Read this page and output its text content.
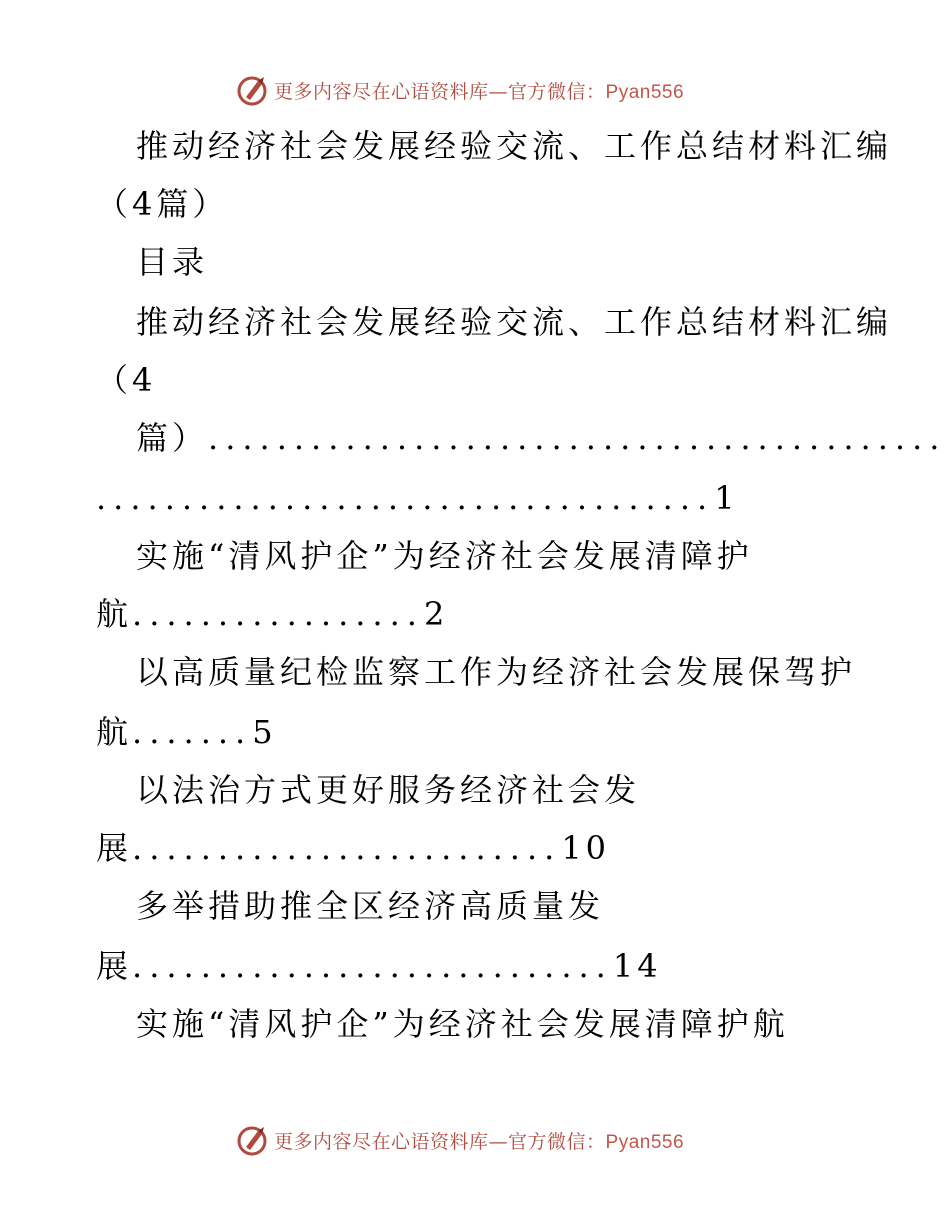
更多内容尽在心语资料库—官方微信：Pyan556
推动经济社会发展经验交流、工作总结材料汇编
（4篇）
目录
推动经济社会发展经验交流、工作总结材料汇编
（4
篇）...........................................
....................................1
实施“清风护企”为经济社会发展清障护
航.................2
以高质量纪检监察工作为经济社会发展保驾护
航.......5
以法治方式更好服务经济社会发
展.........................10
多举措助推全区经济高质量发
展............................14
实施“清风护企”为经济社会发展清障护航
更多内容尽在心语资料库—官方微信：Pyan556
